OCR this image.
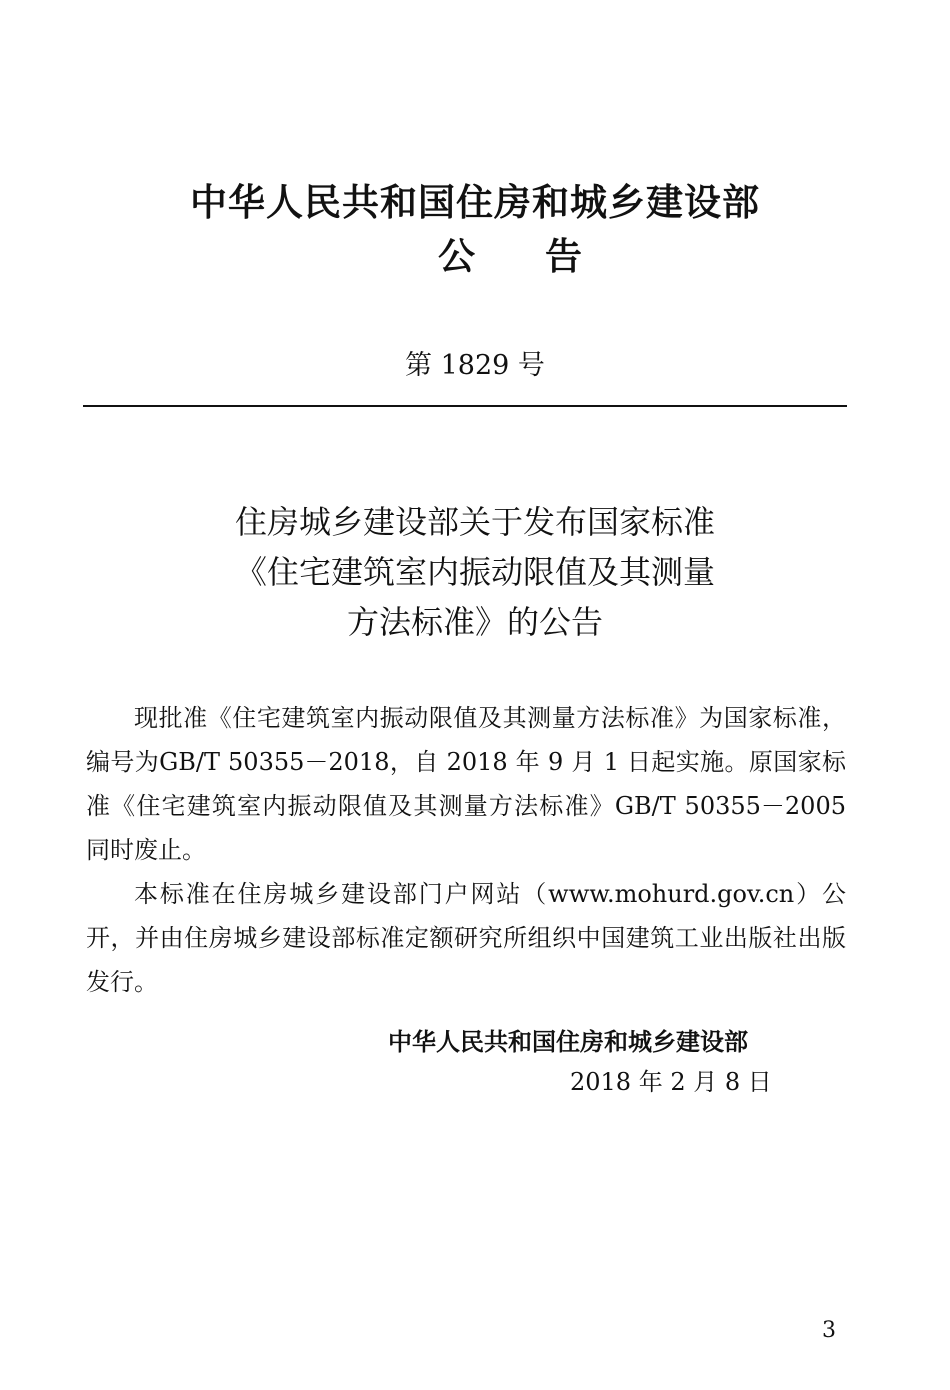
中华人民共和国住房和城乡建设部
公告
第 1829 号
住房城乡建设部关于发布国家标准
《住宅建筑室内振动限值及其测量
方法标准》的公告

现批准《住宅建筑室内振动限值及其测量方法标准》为国家标准，编号为GB/T 50355－2018，自 2018 年 9 月 1 日起实施。原国家标准《住宅建筑室内振动限值及其测量方法标准》GB/T 50355－2005 同时废止。

本标准在住房城乡建设部门户网站（www.mohurd.gov.cn）公开，并由住房城乡建设部标准定额研究所组织中国建筑工业出版社出版发行。

中华人民共和国住房和城乡建设部
2018 年 2 月 8 日
3
